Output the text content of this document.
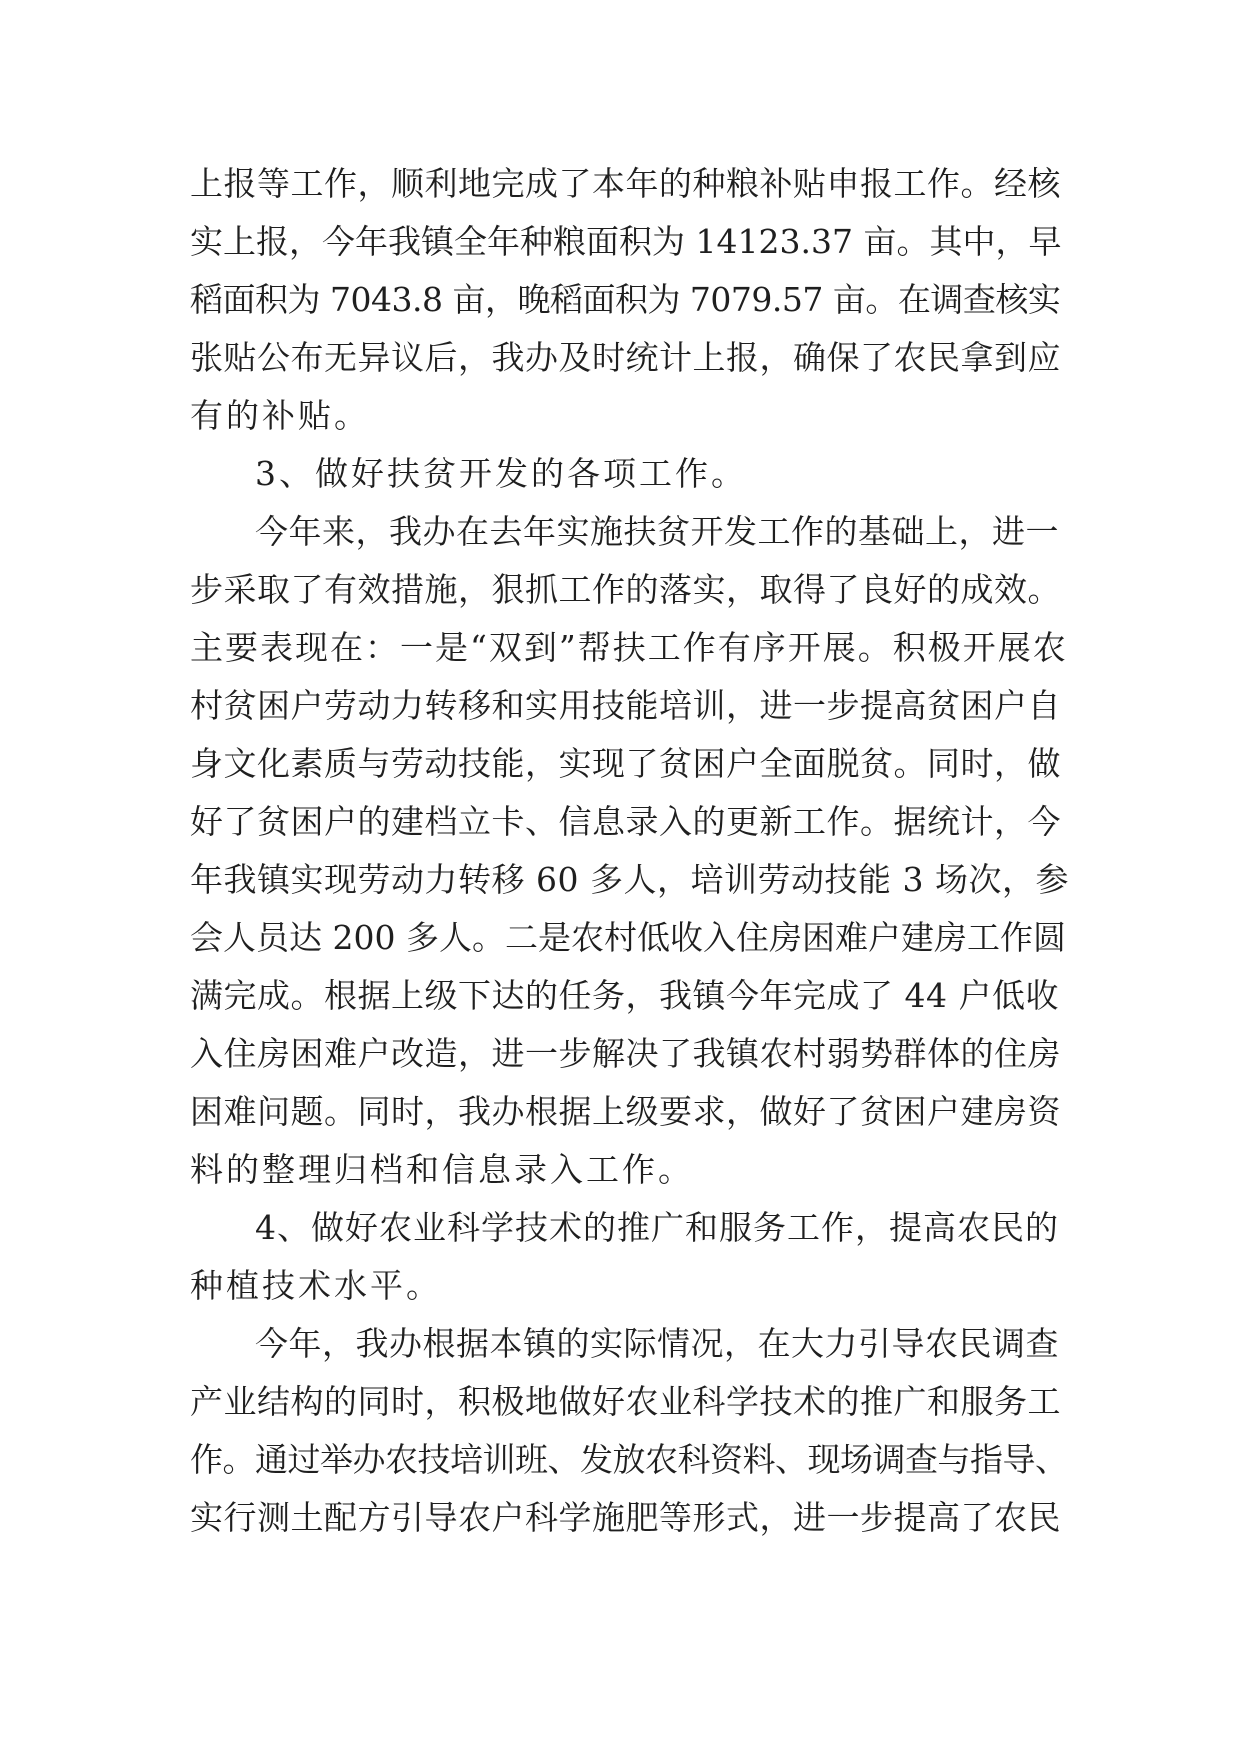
上报等工作，顺利地完成了本年的种粮补贴申报工作。经核
实上报，今年我镇全年种粮面积为 14123.37 亩。其中，早
稻面积为 7043.8 亩，晚稻面积为 7079.57 亩。在调查核实
张贴公布无异议后，我办及时统计上报，确保了农民拿到应
有的补贴。
3、做好扶贫开发的各项工作。
今年来，我办在去年实施扶贫开发工作的基础上，进一
步采取了有效措施，狠抓工作的落实，取得了良好的成效。
主要表现在：一是“双到”帮扶工作有序开展。积极开展农
村贫困户劳动力转移和实用技能培训，进一步提高贫困户自
身文化素质与劳动技能，实现了贫困户全面脱贫。同时，做
好了贫困户的建档立卡、信息录入的更新工作。据统计，今
年我镇实现劳动力转移 60 多人，培训劳动技能 3 场次，参
会人员达 200 多人。二是农村低收入住房困难户建房工作圆
满完成。根据上级下达的任务，我镇今年完成了 44 户低收
入住房困难户改造，进一步解决了我镇农村弱势群体的住房
困难问题。同时，我办根据上级要求，做好了贫困户建房资
料的整理归档和信息录入工作。
4、做好农业科学技术的推广和服务工作，提高农民的
种植技术水平。
今年，我办根据本镇的实际情况，在大力引导农民调查
产业结构的同时，积极地做好农业科学技术的推广和服务工
作。通过举办农技培训班、发放农科资料、现场调查与指导、
实行测土配方引导农户科学施肥等形式，进一步提高了农民
